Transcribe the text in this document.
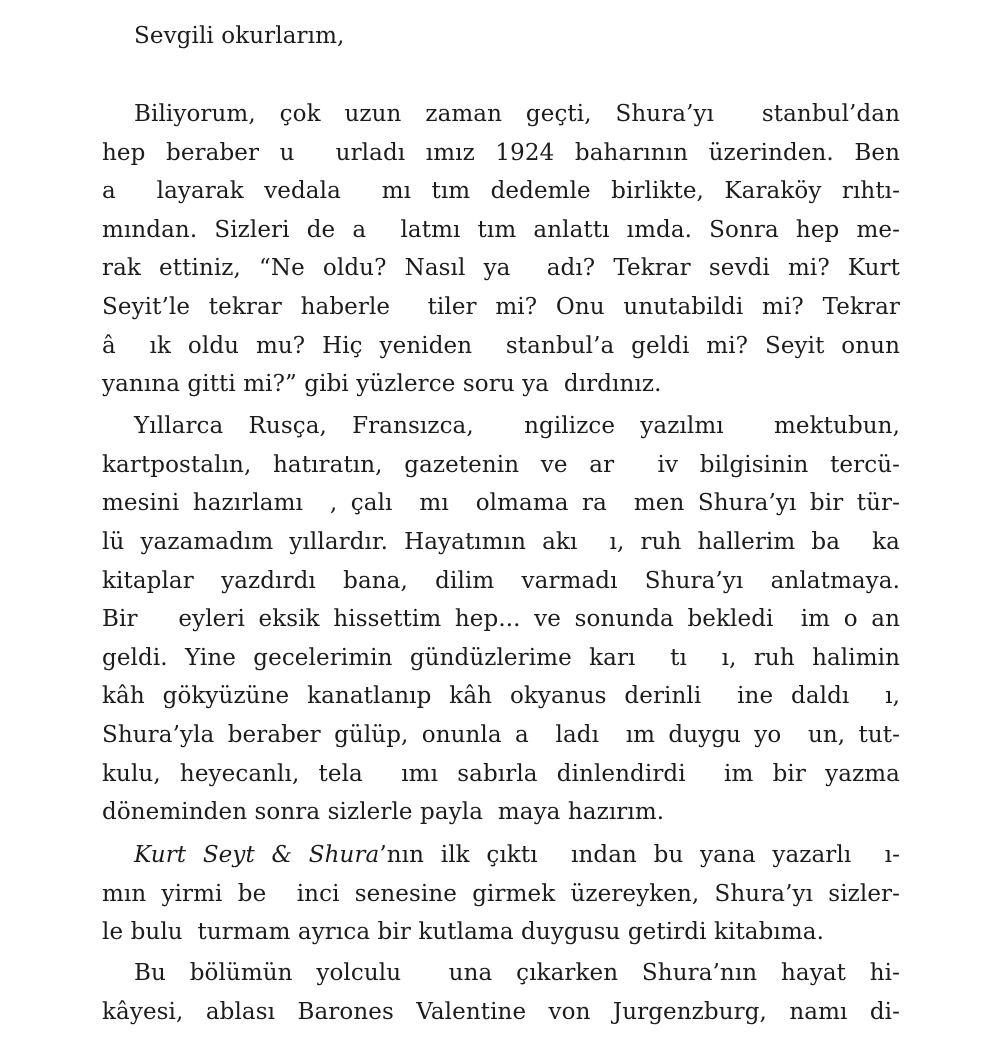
Sevgili okurlarım,
Biliyorum, çok uzun zaman geçti, Shura’yı  stanbul’dan
hep beraber u  urladı ımız 1924 baharının üzerinden. Ben
a  layarak vedala  mı tım dedemle birlikte, Karaköy rıhtı-
mından. Sizleri de a  latmı tım anlattı ımda. Sonra hep me-
rak ettiniz, “Ne oldu? Nasıl ya  adı? Tekrar sevdi mi? Kurt
Seyit’le tekrar haberle  tiler mi? Onu unutabildi mi? Tekrar
â  ık oldu mu? Hiç yeniden  stanbul’a geldi mi? Seyit onun
yanına gitti mi?” gibi yüzlerce soru ya  dırdınız.
Yıllarca Rusça, Fransızca,  ngilizce yazılmı  mektubun,
kartpostalın, hatıratın, gazetenin ve ar  iv bilgisinin tercü-
mesini hazırlamı  , çalı  mı  olmama ra  men Shura’yı bir tür-
lü yazamadım yıllardır. Hayatımın akı  ı, ruh hallerim ba  ka
kitaplar yazdırdı bana, dilim varmadı Shura’yı anlatmaya.
Bir   eyleri eksik hissettim hep... ve sonunda bekledi  im o an
geldi. Yine gecelerimin gündüzlerime karı  tı  ı, ruh halimin
kâh gökyüzüne kanatlanıp kâh okyanus derinli  ine daldı  ı,
Shura’yla beraber gülüp, onunla a  ladı  ım duygu yo  un, tut-
kulu, heyecanlı, tela  ımı sabırla dinlendirdi  im bir yazma
döneminden sonra sizlerle payla  maya hazırım.
Kurt Seyt & Shura’nın ilk çıktı  ından bu yana yazarlı  ı-
mın yirmi be  inci senesine girmek üzereyken, Shura’yı sizler-
le bulu  turmam ayrıca bir kutlama duygusu getirdi kitabıma.
Bu bölümün yolculu  una çıkarken Shura’nın hayat hi-
kâyesi, ablası Barones Valentine von Jurgenzburg, namı di-
